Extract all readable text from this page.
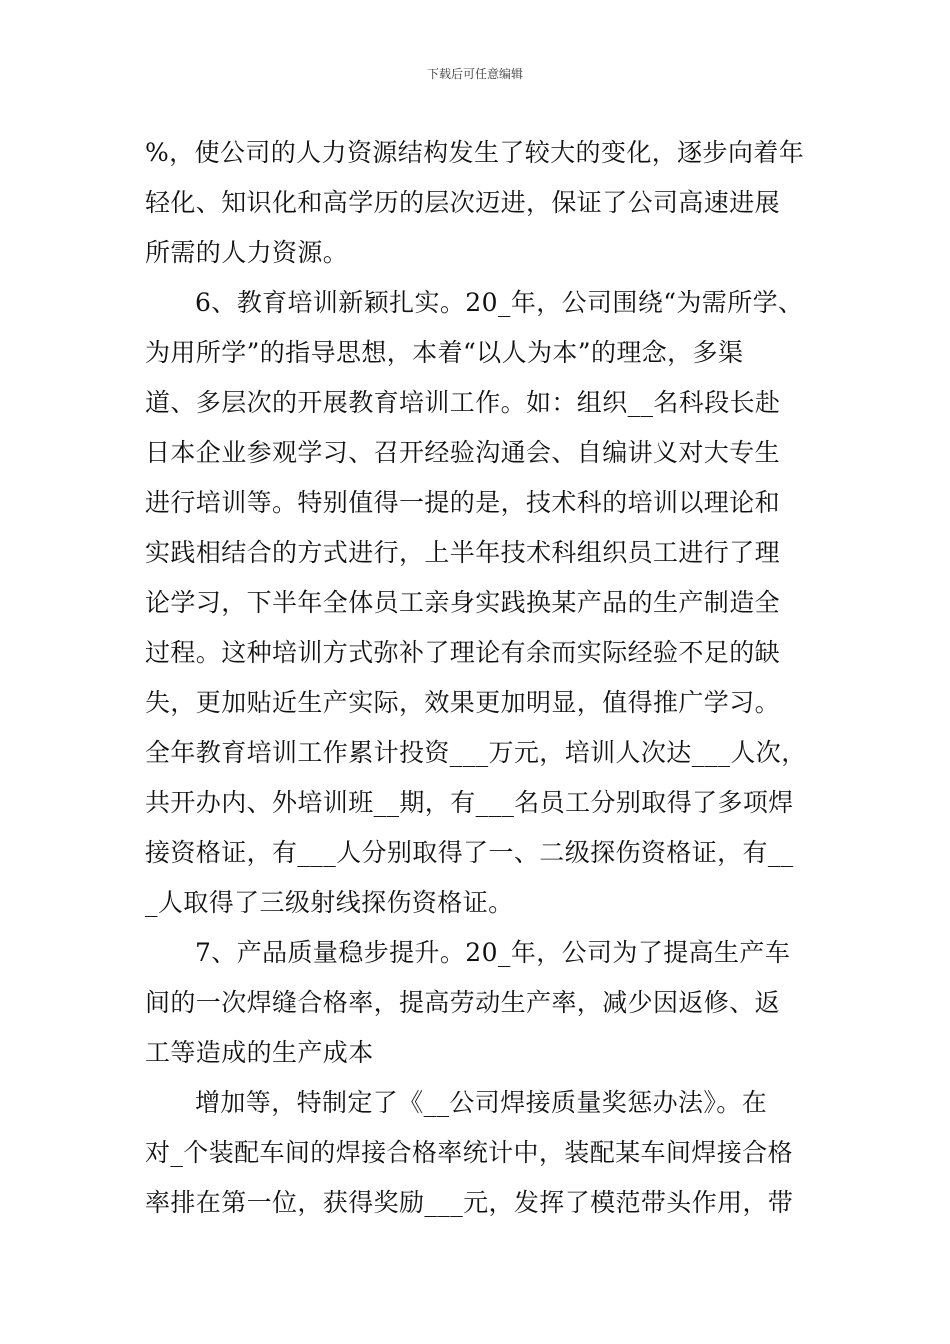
下载后可任意编辑
%，使公司的人力资源结构发生了较大的变化，逐步向着年
轻化、知识化和高学历的层次迈进，保证了公司高速进展
所需的人力资源。
6、教育培训新颖扎实。20_年，公司围绕“为需所学、
为用所学”的指导思想，本着“以人为本”的理念，多渠
道、多层次的开展教育培训工作。如：组织__名科段长赴
日本企业参观学习、召开经验沟通会、自编讲义对大专生
进行培训等。特别值得一提的是，技术科的培训以理论和
实践相结合的方式进行，上半年技术科组织员工进行了理
论学习，下半年全体员工亲身实践换某产品的生产制造全
过程。这种培训方式弥补了理论有余而实际经验不足的缺
失，更加贴近生产实际，效果更加明显，值得推广学习。
全年教育培训工作累计投资___万元，培训人次达___人次，
共开办内、外培训班__期，有___名员工分别取得了多项焊
接资格证，有___人分别取得了一、二级探伤资格证，有__
_人取得了三级射线探伤资格证。
7、产品质量稳步提升。20_年，公司为了提高生产车
间的一次焊缝合格率，提高劳动生产率，减少因返修、返
工等造成的生产成本
增加等，特制定了《__公司焊接质量奖惩办法》。在
对_个装配车间的焊接合格率统计中，装配某车间焊接合格
率排在第一位，获得奖励___元，发挥了模范带头作用，带
